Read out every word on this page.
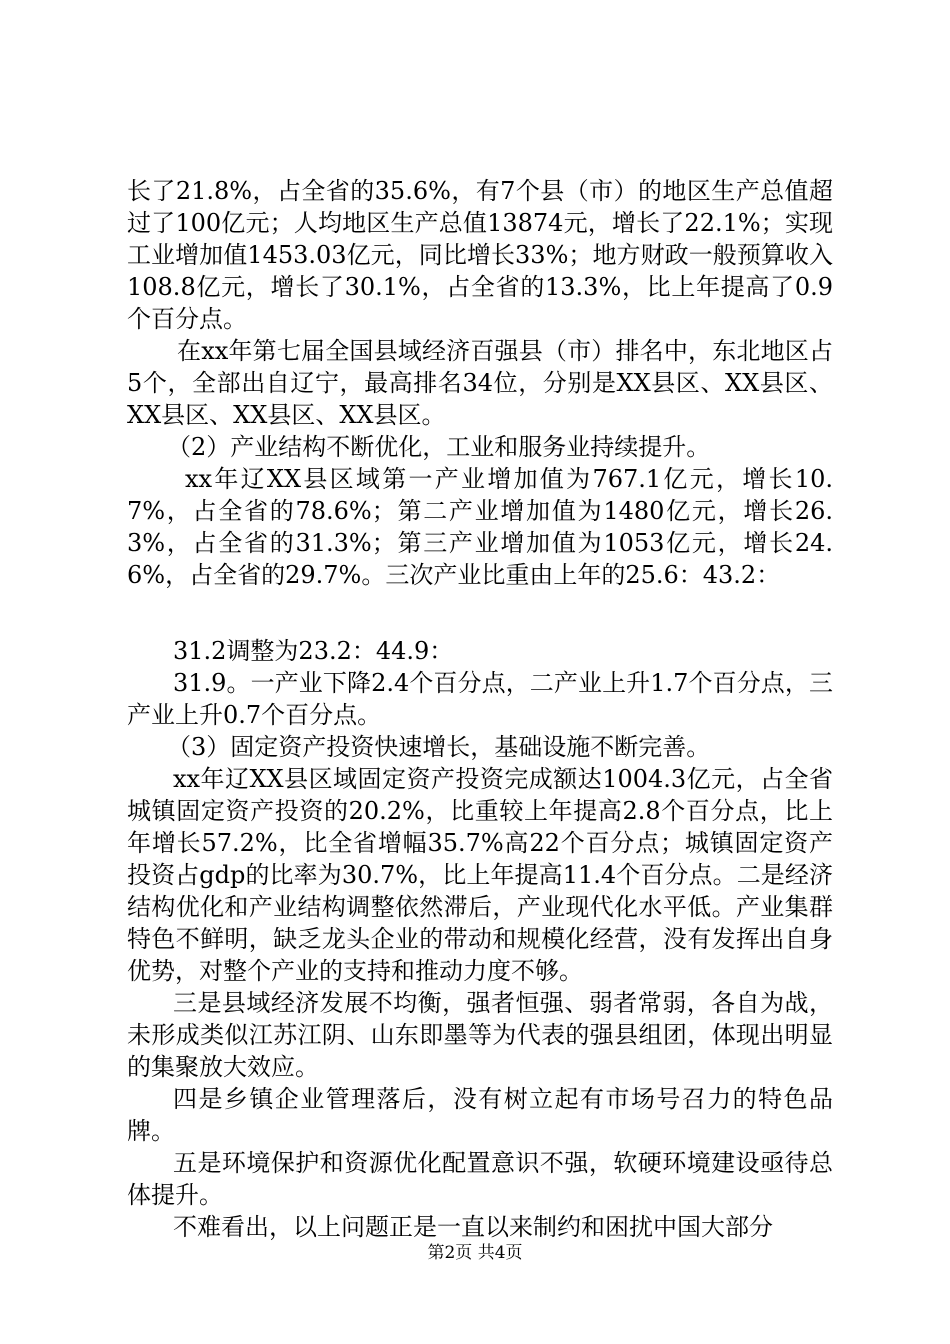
长了21.8%，占全省的35.6%，有7个县（市）的地区生产总值超过了100亿元；人均地区生产总值13874元，增长了22.1%；实现工业增加值1453.03亿元，同比增长33%；地方财政一般预算收入108.8亿元，增长了30.1%，占全省的13.3%，比上年提高了0.9个百分点。

在xx年第七届全国县域经济百强县（市）排名中，东北地区占5个，全部出自辽宁，最高排名34位，分别是XX县区、XX县区、XX县区、XX县区、XX县区。

（2）产业结构不断优化，工业和服务业持续提升。

xx年辽XX县区域第一产业增加值为767.1亿元，增长10.7%，占全省的78.6%；第二产业增加值为1480亿元，增长26.3%，占全省的31.3%；第三产业增加值为1053亿元，增长24.6%，占全省的29.7%。三次产业比重由上年的25.6：43.2：

31.2调整为23.2：44.9：

31.9。一产业下降2.4个百分点，二产业上升1.7个百分点，三产业上升0.7个百分点。

（3）固定资产投资快速增长，基础设施不断完善。

xx年辽XX县区域固定资产投资完成额达1004.3亿元，占全省城镇固定资产投资的20.2%，比重较上年提高2.8个百分点，比上年增长57.2%，比全省增幅35.7%高22个百分点；城镇固定资产投资占gdp的比率为30.7%，比上年提高11.4个百分点。二是经济结构优化和产业结构调整依然滞后，产业现代化水平低。产业集群特色不鲜明，缺乏龙头企业的带动和规模化经营，没有发挥出自身优势，对整个产业的支持和推动力度不够。

三是县域经济发展不均衡，强者恒强、弱者常弱，各自为战，未形成类似江苏江阴、山东即墨等为代表的强县组团，体现出明显的集聚放大效应。

四是乡镇企业管理落后，没有树立起有市场号召力的特色品牌。

五是环境保护和资源优化配置意识不强，软硬环境建设亟待总体提升。

不难看出，以上问题正是一直以来制约和困扰中国大部分

第2页 共4页
